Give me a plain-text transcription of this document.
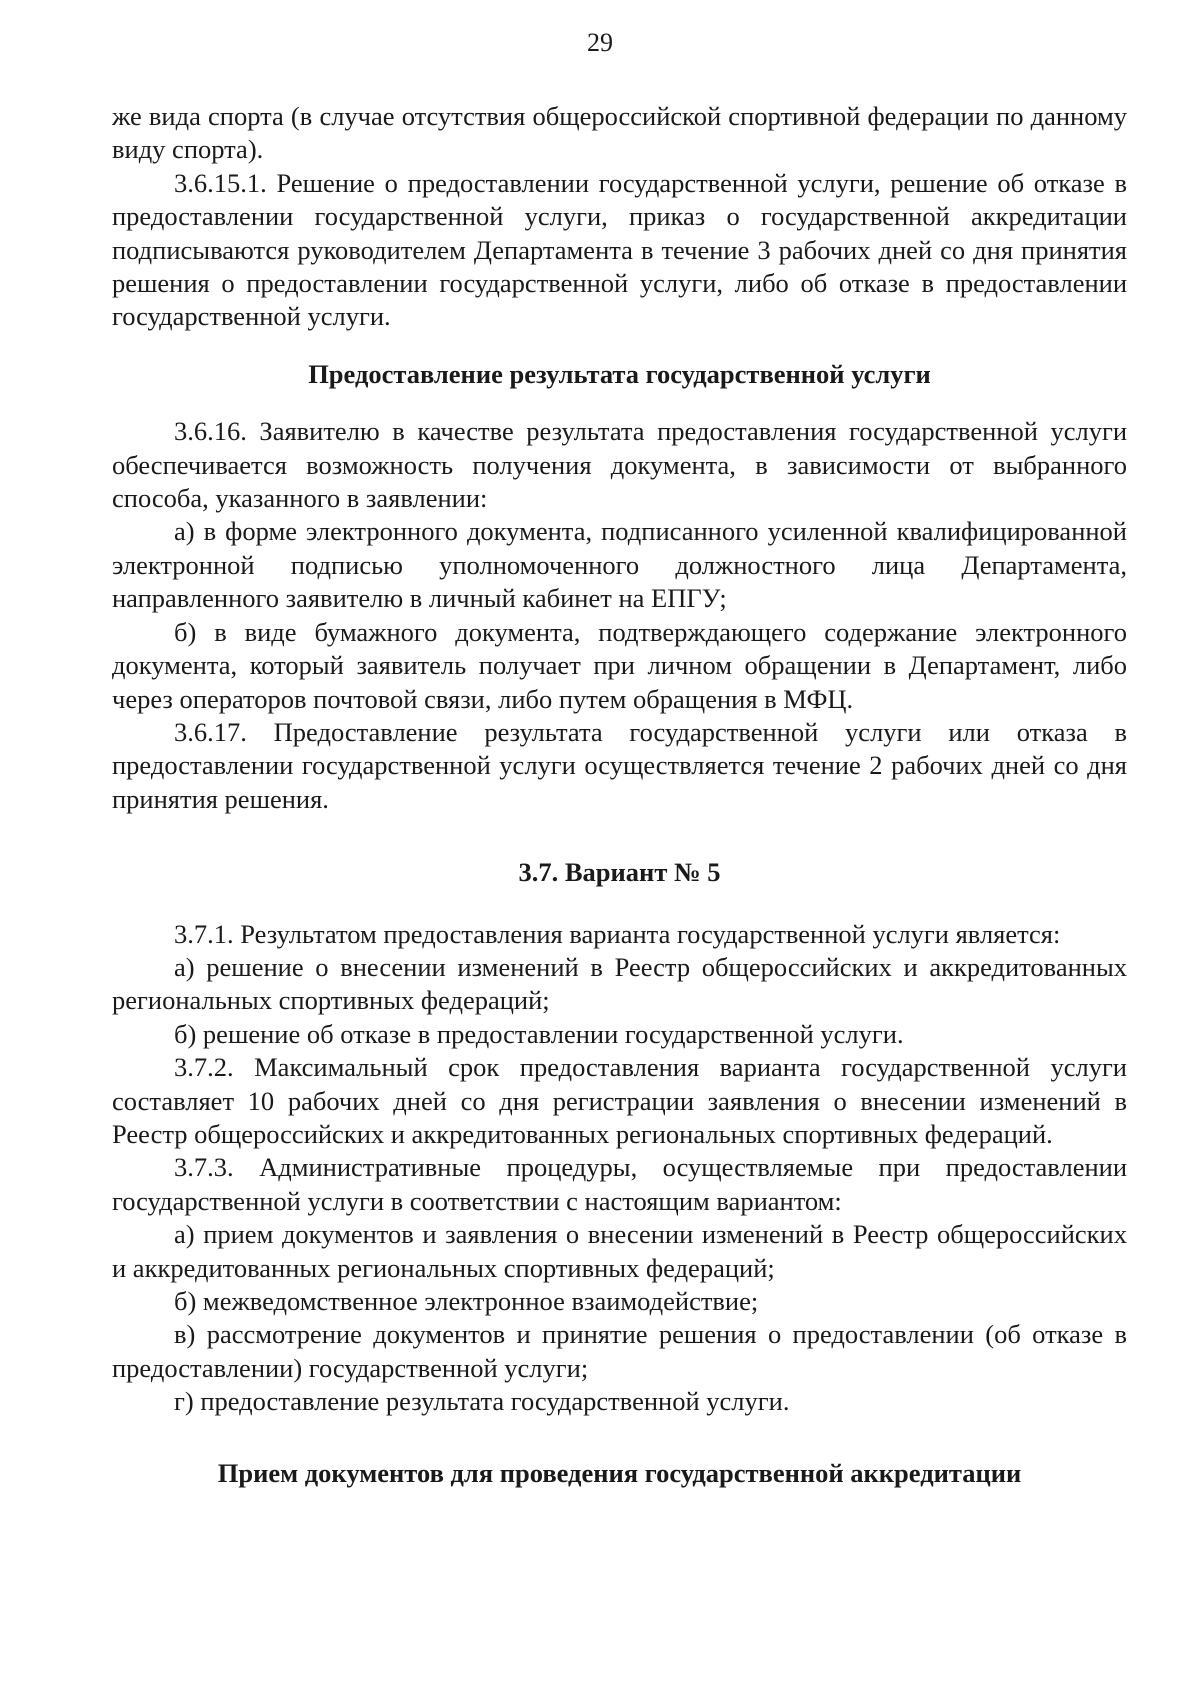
29

же вида спорта (в случае отсутствия общероссийской спортивной федерации по данному виду спорта).

3.6.15.1. Решение о предоставлении государственной услуги, решение об отказе в предоставлении государственной услуги, приказ о государственной аккредитации подписываются руководителем Департамента в течение 3 рабочих дней со дня принятия решения о предоставлении государственной услуги, либо об отказе в предоставлении государственной услуги.

Предоставление результата государственной услуги

3.6.16. Заявителю в качестве результата предоставления государственной услуги обеспечивается возможность получения документа, в зависимости от выбранного способа, указанного в заявлении:

а) в форме электронного документа, подписанного усиленной квалифицированной электронной подписью уполномоченного должностного лица Департамента, направленного заявителю в личный кабинет на ЕПГУ;

б) в виде бумажного документа, подтверждающего содержание электронного документа, который заявитель получает при личном обращении в Департамент, либо через операторов почтовой связи, либо путем обращения в МФЦ.

3.6.17. Предоставление результата государственной услуги или отказа в предоставлении государственной услуги осуществляется течение 2 рабочих дней со дня принятия решения.

3.7. Вариант № 5

3.7.1. Результатом предоставления варианта государственной услуги является:

а) решение о внесении изменений в Реестр общероссийских и аккредитованных региональных спортивных федераций;

б) решение об отказе в предоставлении государственной услуги.

3.7.2. Максимальный срок предоставления варианта государственной услуги составляет 10 рабочих дней со дня регистрации заявления о внесении изменений в Реестр общероссийских и аккредитованных региональных спортивных федераций.

3.7.3. Административные процедуры, осуществляемые при предоставлении государственной услуги в соответствии с настоящим вариантом:

а) прием документов и заявления о внесении изменений в Реестр общероссийских и аккредитованных региональных спортивных федераций;

б) межведомственное электронное взаимодействие;

в) рассмотрение документов и принятие решения о предоставлении (об отказе в предоставлении) государственной услуги;

г) предоставление результата государственной услуги.

Прием документов для проведения государственной аккредитации
